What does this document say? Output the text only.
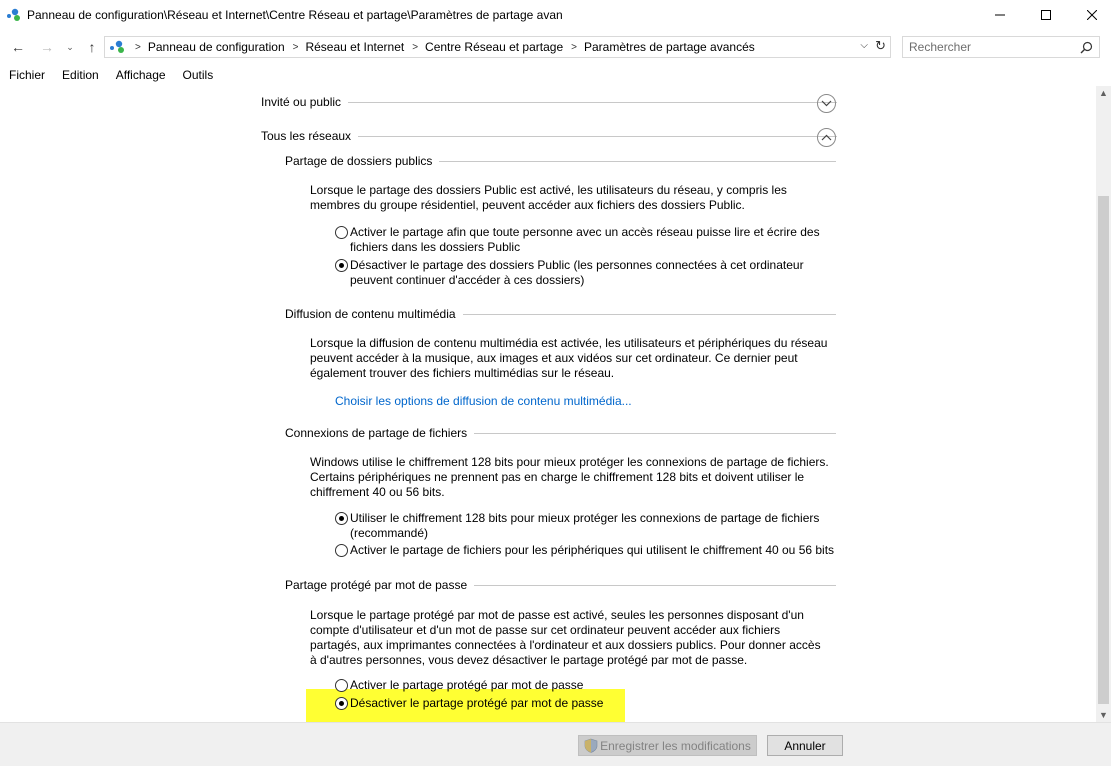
Panneau de configuration\Réseau et Internet\Centre Réseau et partage\Paramètres de partage avan
← → ⌄ ↑	> Panneau de configuration > Réseau et Internet > Centre Réseau et partage > Paramètres de partage avancés	⌵ ↻
Rechercher
Fichier	Edition	Affichage	Outils
Invité ou public
Tous les réseaux
Partage de dossiers publics
Lorsque le partage des dossiers Public est activé, les utilisateurs du réseau, y compris les membres du groupe résidentiel, peuvent accéder aux fichiers des dossiers Public.
Activer le partage afin que toute personne avec un accès réseau puisse lire et écrire des fichiers dans les dossiers Public
Désactiver le partage des dossiers Public (les personnes connectées à cet ordinateur peuvent continuer d'accéder à ces dossiers)
Diffusion de contenu multimédia
Lorsque la diffusion de contenu multimédia est activée, les utilisateurs et périphériques du réseau peuvent accéder à la musique, aux images et aux vidéos sur cet ordinateur. Ce dernier peut également trouver des fichiers multimédias sur le réseau.
Choisir les options de diffusion de contenu multimédia...
Connexions de partage de fichiers
Windows utilise le chiffrement 128 bits pour mieux protéger les connexions de partage de fichiers. Certains périphériques ne prennent pas en charge le chiffrement 128 bits et doivent utiliser le chiffrement 40 ou 56 bits.
Utiliser le chiffrement 128 bits pour mieux protéger les connexions de partage de fichiers (recommandé)
Activer le partage de fichiers pour les périphériques qui utilisent le chiffrement 40 ou 56 bits
Partage protégé par mot de passe
Lorsque le partage protégé par mot de passe est activé, seules les personnes disposant d'un compte d'utilisateur et d'un mot de passe sur cet ordinateur peuvent accéder aux fichiers partagés, aux imprimantes connectées à l'ordinateur et aux dossiers publics. Pour donner accès à d'autres personnes, vous devez désactiver le partage protégé par mot de passe.
Activer le partage protégé par mot de passe
Désactiver le partage protégé par mot de passe
▲
▼
Enregistrer les modifications	Annuler
